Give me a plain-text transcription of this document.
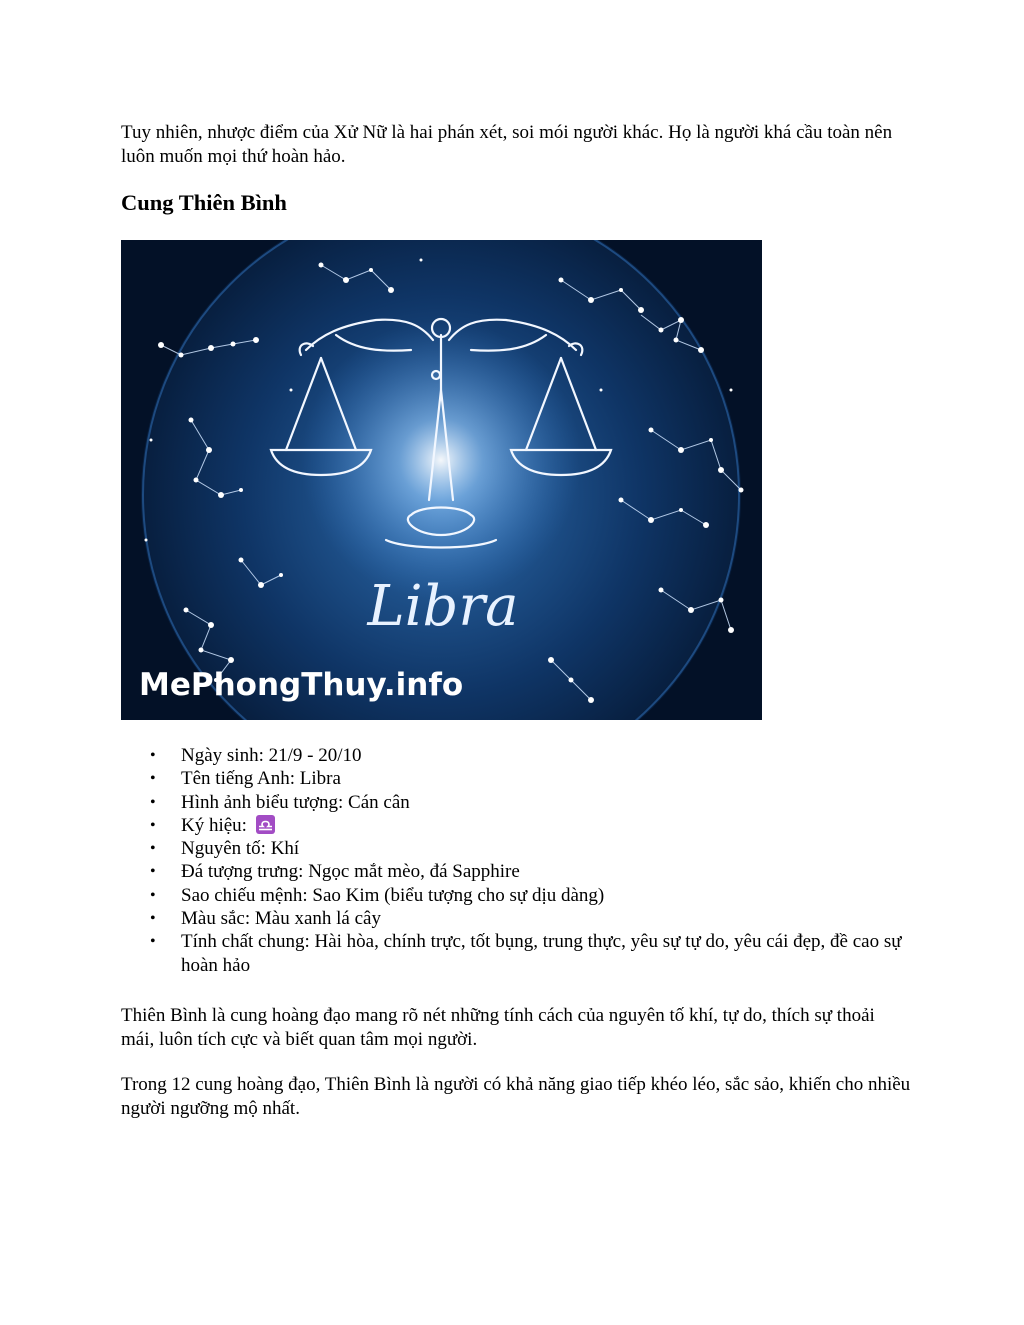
Tuy nhiên, nhược điểm của Xử Nữ là hai phán xét, soi mói người khác. Họ là người khá cầu toàn nên luôn muốn mọi thứ hoàn hảo.

Cung Thiên Bình
Libra
MePhongThuy.info
• Ngày sinh: 21/9 - 20/10
• Tên tiếng Anh: Libra
• Hình ảnh biểu tượng: Cán cân
• Ký hiệu:
• Nguyên tố: Khí
• Đá tượng trưng: Ngọc mắt mèo, đá Sapphire
• Sao chiếu mệnh: Sao Kim (biểu tượng cho sự dịu dàng)
• Màu sắc: Màu xanh lá cây
• Tính chất chung: Hài hòa, chính trực, tốt bụng, trung thực, yêu sự tự do, yêu cái đẹp, đề cao sự hoàn hảo

Thiên Bình là cung hoàng đạo mang rõ nét những tính cách của nguyên tố khí, tự do, thích sự thoải mái, luôn tích cực và biết quan tâm mọi người.

Trong 12 cung hoàng đạo, Thiên Bình là người có khả năng giao tiếp khéo léo, sắc sảo, khiến cho nhiều người ngưỡng mộ nhất.
